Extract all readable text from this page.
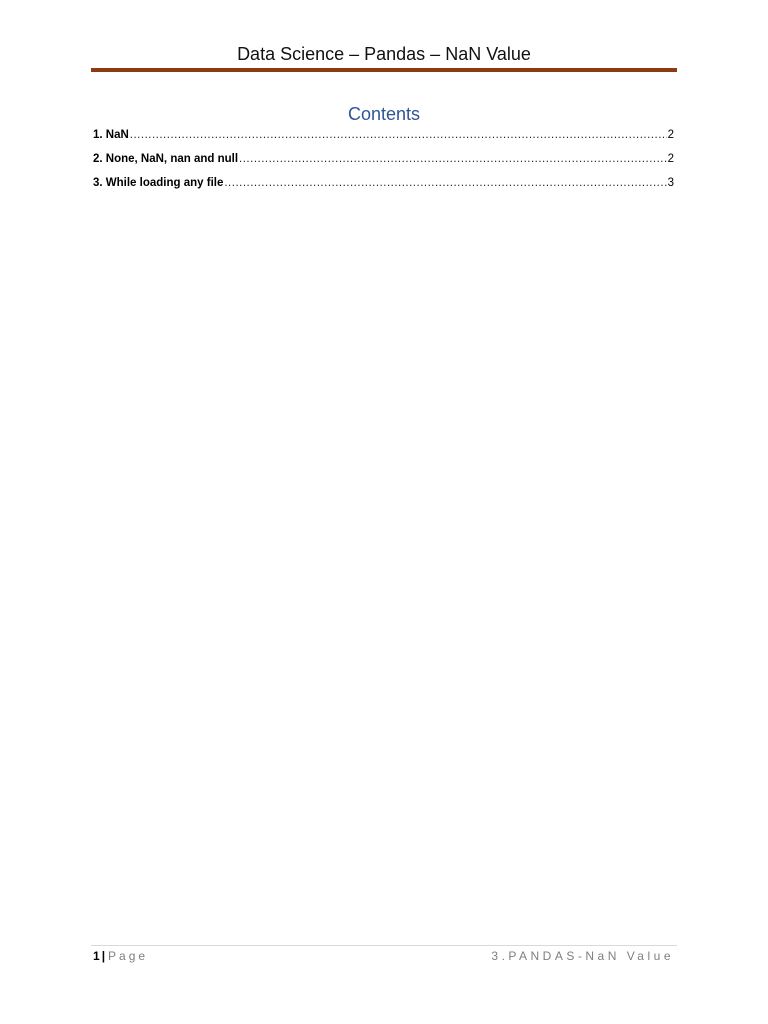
Data Science – Pandas – NaN Value
Contents
1. NaN .....	2
2. None, NaN, nan and null .....	2
3. While loading any file .....	3
1 | Page	3.PANDAS-NaN Value
